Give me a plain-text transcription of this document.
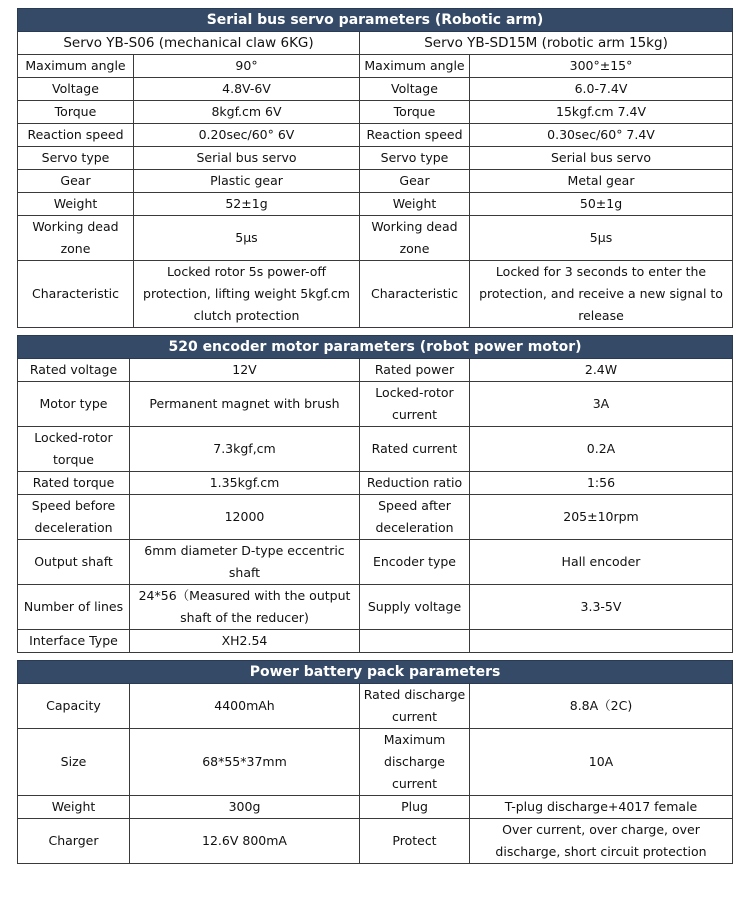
Serial bus servo parameters (Robotic arm)			
Servo YB-S06 (mechanical claw 6KG)		Servo YB-SD15M (robotic arm 15kg)	
Maximum angle	90°	Maximum angle	300°±15°
Voltage	4.8V-6V	Voltage	6.0-7.4V
Torque	8kgf.cm 6V	Torque	15kgf.cm 7.4V
Reaction speed	0.20sec/60° 6V	Reaction speed	0.30sec/60° 7.4V
Servo type	Serial bus servo	Servo type	Serial bus servo
Gear	Plastic gear	Gear	Metal gear
Weight	52±1g	Weight	50±1g
Working dead zone	5μs	Working dead zone	5μs
Characteristic	Locked rotor 5s power-off protection, lifting weight 5kgf.cm clutch protection	Characteristic	Locked for 3 seconds to enter the protection, and receive a new signal to release
520 encoder motor parameters (robot power motor)			
Rated voltage	12V	Rated power	2.4W
Motor type	Permanent magnet with brush	Locked-rotor current	3A
Locked-rotor torque	7.3kgf,cm	Rated current	0.2A
Rated torque	1.35kgf.cm	Reduction ratio	1:56
Speed before deceleration	12000	Speed after deceleration	205±10rpm
Output shaft	6mm diameter D-type eccentric shaft	Encoder type	Hall encoder
Number of lines	24*56（Measured with the output shaft of the reducer)	Supply voltage	3.3-5V
Interface Type	XH2.54		
Power battery pack parameters			
Capacity	4400mAh	Rated discharge current	8.8A（2C)
Size	68*55*37mm	Maximum discharge current	10A
Weight	300g	Plug	T-plug discharge+4017 female
Charger	12.6V 800mA	Protect	Over current, over charge, over discharge, short circuit protection
